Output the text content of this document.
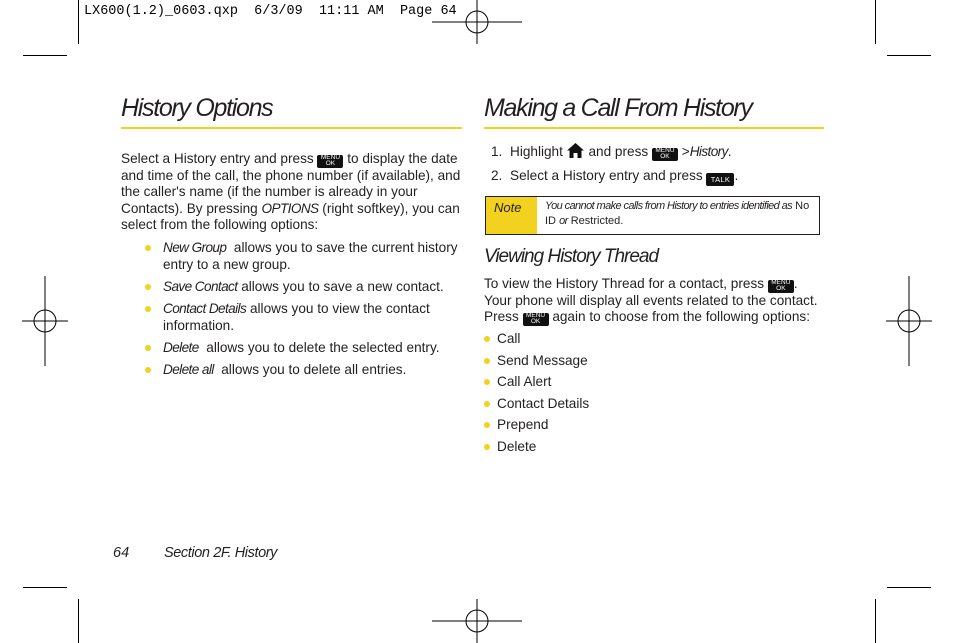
LX600(1.2)_0603.qxp  6/3/09  11:11 AM  Page 64
History Options
Select a History entry and press MENU
OK to display the date and time of the call, the phone number (if available), and the caller's name (if the number is already in your Contacts). By pressing OPTIONS (right softkey), you can select from the following options:
New Group allows you to save the current history entry to a new group.
Save Contact allows you to save a new contact.
Contact Details allows you to view the contact information.
Delete allows you to delete the selected entry.
Delete all allows you to delete all entries.
Making a Call From History
1. Highlight and press MENU
OK >History.
2. Select a History entry and press TALK .
Note	You cannot make calls from History to entries identified as No ID or Restricted.
Viewing History Thread
To view the History Thread for a contact, press MENU
OK . Your phone will display all events related to the contact. Press MENU
OK again to choose from the following options:
Call
Send Message
Call Alert
Contact Details
Prepend
Delete
64 Section 2F. History
